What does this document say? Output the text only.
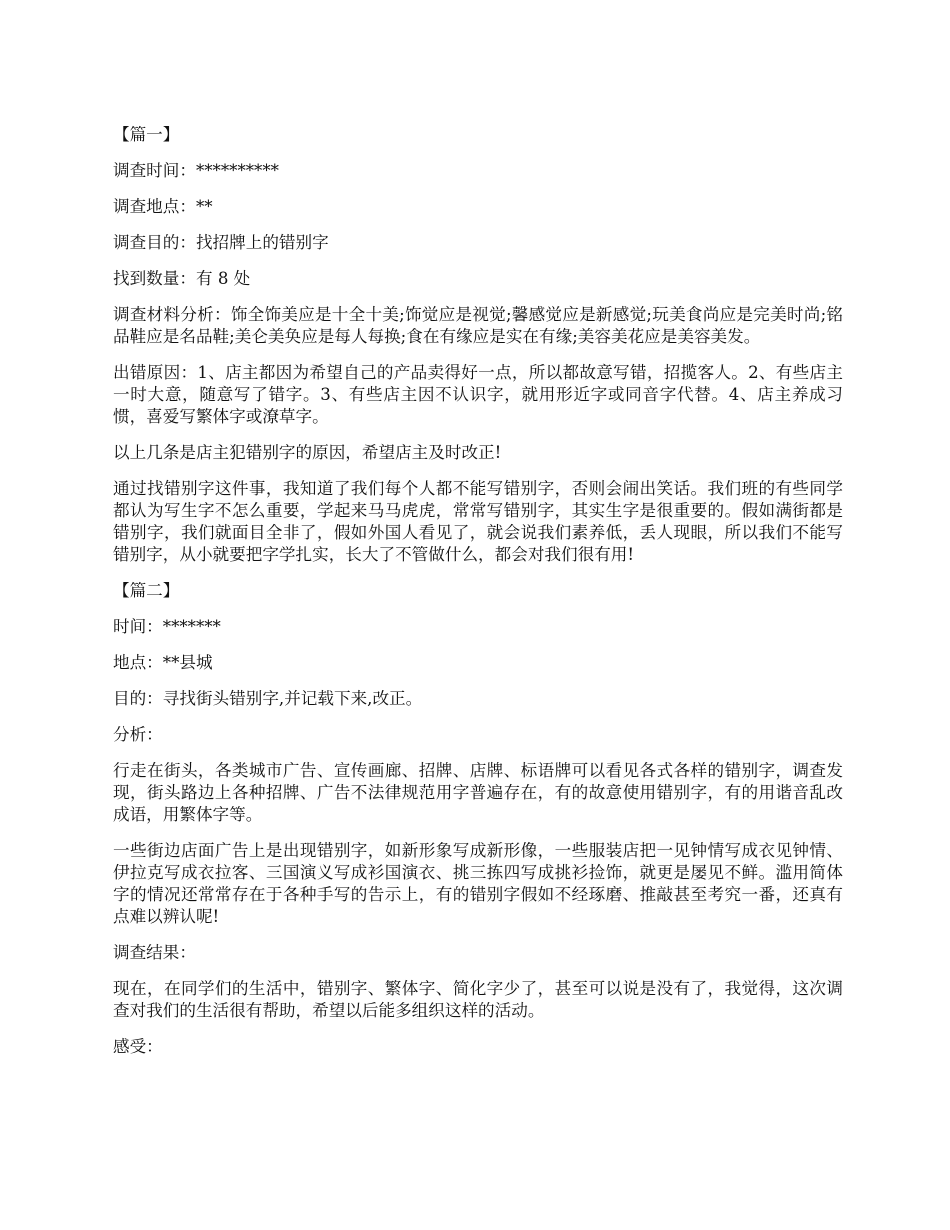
【篇一】

调查时间：**********

调查地点：**

调查目的：找招牌上的错别字

找到数量：有 8 处

调查材料分析：饰全饰美应是十全十美;饰觉应是视觉;馨感觉应是新感觉;玩美食尚应是完美时尚;铭品鞋应是名品鞋;美仑美奂应是每人每换;食在有缘应是实在有缘;美容美花应是美容美发。

出错原因：1、店主都因为希望自己的产品卖得好一点，所以都故意写错，招揽客人。2、有些店主一时大意，随意写了错字。3、有些店主因不认识字，就用形近字或同音字代替。4、店主养成习惯，喜爱写繁体字或潦草字。

以上几条是店主犯错别字的原因，希望店主及时改正!

通过找错别字这件事，我知道了我们每个人都不能写错别字，否则会闹出笑话。我们班的有些同学都认为写生字不怎么重要，学起来马马虎虎，常常写错别字，其实生字是很重要的。假如满街都是错别字，我们就面目全非了，假如外国人看见了，就会说我们素养低，丢人现眼，所以我们不能写错别字，从小就要把字学扎实，长大了不管做什么，都会对我们很有用!

【篇二】

时间：*******

地点：**县城

目的：寻找街头错别字,并记载下来,改正。

分析：

行走在街头，各类城市广告、宣传画廊、招牌、店牌、标语牌可以看见各式各样的错别字，调查发现，街头路边上各种招牌、广告不法律规范用字普遍存在，有的故意使用错别字，有的用谐音乱改成语，用繁体字等。

一些街边店面广告上是出现错别字，如新形象写成新形像，一些服装店把一见钟情写成衣见钟情、伊拉克写成衣拉客、三国演义写成衫国演衣、挑三拣四写成挑衫捡饰，就更是屡见不鲜。滥用简体字的情况还常常存在于各种手写的告示上，有的错别字假如不经琢磨、推敲甚至考究一番，还真有点难以辨认呢!

调查结果：

现在，在同学们的生活中，错别字、繁体字、简化字少了，甚至可以说是没有了，我觉得，这次调查对我们的生活很有帮助，希望以后能多组织这样的活动。

感受：
